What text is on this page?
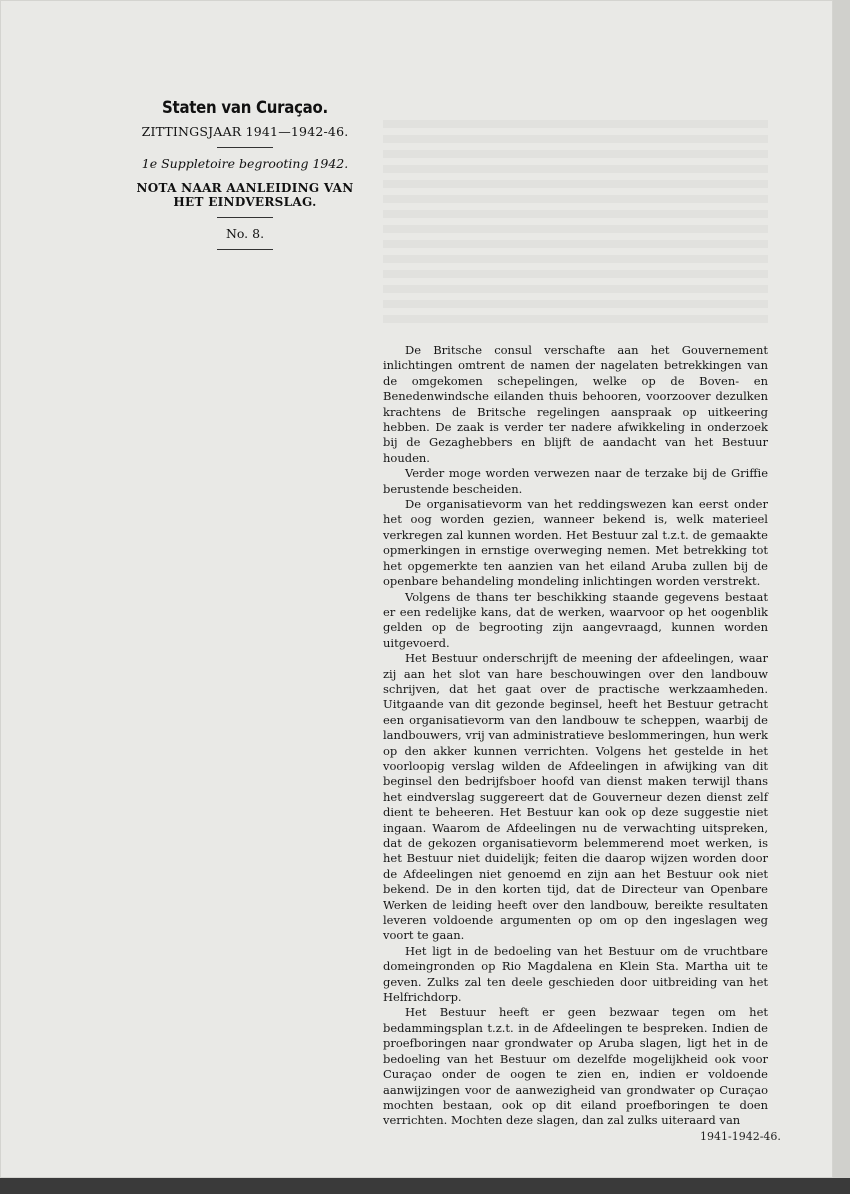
Staten van Curaçao.
ZITTINGSJAAR 1941—1942-46.
1e Suppletoire begrooting 1942.
NOTA NAAR AANLEIDING VAN
HET EINDVERSLAG.
No. 8.

De Britsche consul verschafte aan het Gouvernement inlichtingen omtrent de namen der nagelaten betrekkingen van de omgekomen schepelingen, welke op de Boven- en Benedenwindsche eilanden thuis behooren, voorzoover dezulken krachtens de Britsche regelingen aanspraak op uitkeering hebben. De zaak is verder ter nadere afwikkeling in onderzoek bij de Gezaghebbers en blijft de aandacht van het Bestuur houden.

Verder moge worden verwezen naar de terzake bij de Griffie berustende bescheiden.

De organisatievorm van het reddingswezen kan eerst onder het oog worden gezien, wanneer bekend is, welk materieel verkregen zal kunnen worden. Het Bestuur zal t.z.t. de gemaakte opmerkingen in ernstige overweging nemen. Met betrekking tot het opgemerkte ten aanzien van het eiland Aruba zullen bij de openbare behandeling mondeling inlichtingen worden verstrekt.

Volgens de thans ter beschikking staande gegevens bestaat er een redelijke kans, dat de werken, waarvoor op het oogenblik gelden op de begrooting zijn aangevraagd, kunnen worden uitgevoerd.

Het Bestuur onderschrijft de meening der afdeelingen, waar zij aan het slot van hare beschouwingen over den landbouw schrijven, dat het gaat over de practische werkzaamheden. Uitgaande van dit gezonde beginsel, heeft het Bestuur getracht een organisatievorm van den landbouw te scheppen, waarbij de landbouwers, vrij van administratieve beslommeringen, hun werk op den akker kunnen verrichten. Volgens het gestelde in het voorloopig verslag wilden de Afdeelingen in afwijking van dit beginsel den bedrijfsboer hoofd van dienst maken terwijl thans het eindverslag suggereert dat de Gouverneur dezen dienst zelf dient te beheeren. Het Bestuur kan ook op deze suggestie niet ingaan. Waarom de Afdeelingen nu de verwachting uitspreken, dat de gekozen organisatievorm belemmerend moet werken, is het Bestuur niet duidelijk; feiten die daarop wijzen worden door de Afdeelingen niet genoemd en zijn aan het Bestuur ook niet bekend. De in den korten tijd, dat de Directeur van Openbare Werken de leiding heeft over den landbouw, bereikte resultaten leveren voldoende argumenten op om op den ingeslagen weg voort te gaan.

Het ligt in de bedoeling van het Bestuur om de vruchtbare domeingronden op Rio Magdalena en Klein Sta. Martha uit te geven. Zulks zal ten deele geschieden door uitbreiding van het Helfrichdorp.

Het Bestuur heeft er geen bezwaar tegen om het bedammingsplan t.z.t. in de Afdeelingen te bespreken. Indien de proefboringen naar grondwater op Aruba slagen, ligt het in de bedoeling van het Bestuur om dezelfde mogelijkheid ook voor Curaçao onder de oogen te zien en, indien er voldoende aanwijzingen voor de aanwezigheid van grondwater op Curaçao mochten bestaan, ook op dit eiland proefboringen te doen verrichten. Mochten deze slagen, dan zal zulks uiteraard van

1941-1942-46.
